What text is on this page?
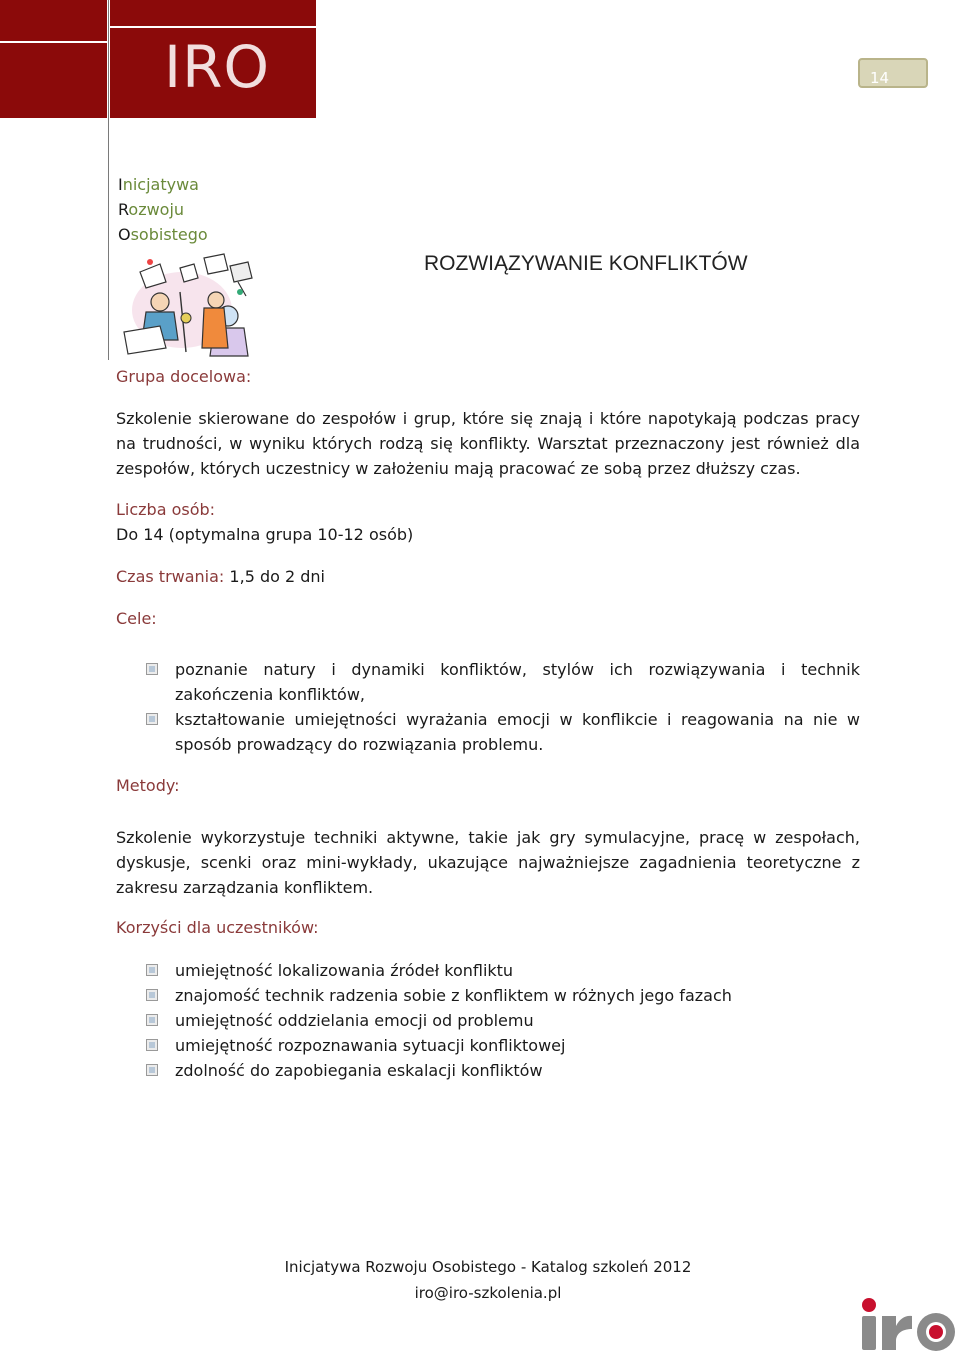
IRO	14
Inicjatywa
Rozwoju
Osobistego
ROZWIĄZYWANIE KONFLIKTÓW
Grupa docelowa:
Szkolenie skierowane do zespołów i grup, które się znają i które napotykają podczas pracy na trudności, w wyniku których rodzą się konflikty. Warsztat przeznaczony jest również dla zespołów, których uczestnicy w założeniu mają pracować ze sobą przez dłuższy czas.
Liczba osób:
Do 14 (optymalna grupa 10-12 osób)
Czas trwania: 1,5 do 2 dni
Cele:
poznanie natury i dynamiki konfliktów, stylów ich rozwiązywania i technik zakończenia konfliktów,
kształtowanie umiejętności wyrażania emocji w konflikcie i reagowania na nie w sposób prowadzący do rozwiązania problemu.
Metody:
Szkolenie wykorzystuje techniki aktywne, takie jak gry symulacyjne, pracę w zespołach, dyskusje, scenki oraz mini-wykłady, ukazujące najważniejsze zagadnienia teoretyczne z zakresu zarządzania konfliktem.
Korzyści dla uczestników:
umiejętność lokalizowania źródeł konfliktu
znajomość technik radzenia sobie z konfliktem w różnych jego fazach
umiejętność oddzielania emocji od problemu
umiejętność rozpoznawania sytuacji konfliktowej
zdolność do zapobiegania eskalacji konfliktów
Inicjatywa Rozwoju Osobistego - Katalog szkoleń 2012
iro@iro-szkolenia.pl
